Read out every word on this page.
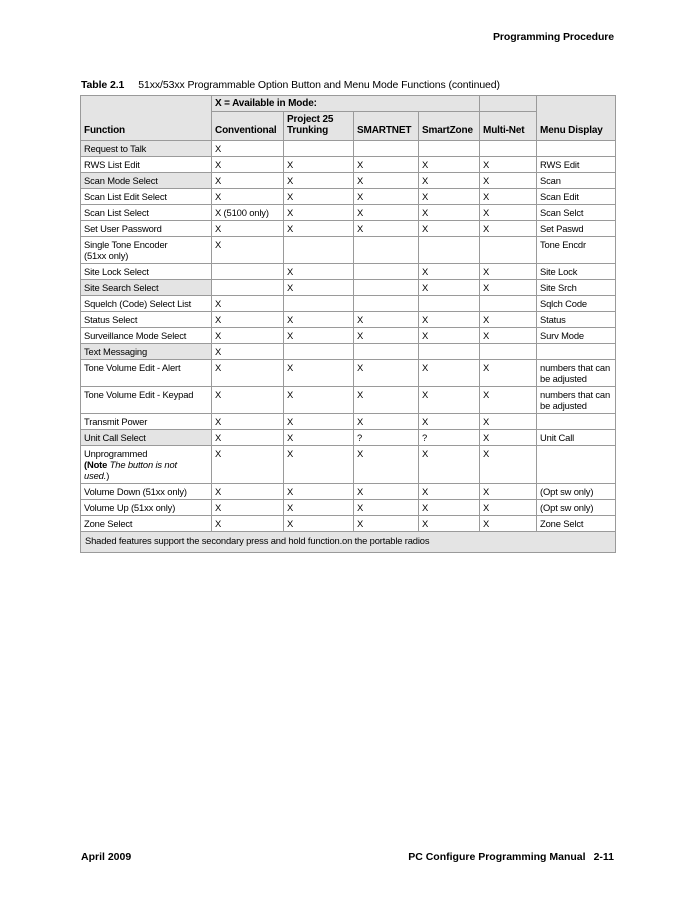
Programming Procedure
Table 2.1 51xx/53xx Programmable Option Button and Menu Mode Functions (continued)
Function	X = Available in Mode:					Menu Display
	Conventional	Project 25
Trunking	SMARTNET	SmartZone	Multi-Net	
Request to Talk	X					
RWS List Edit	X	X	X	X	X	RWS Edit
Scan Mode Select	X	X	X	X	X	Scan
Scan List Edit Select	X	X	X	X	X	Scan Edit
Scan List Select	X (5100 only)	X	X	X	X	Scan Selct
Set User Password	X	X	X	X	X	Set Paswd
Single Tone Encoder
(51xx only)	X					Tone Encdr
Site Lock Select		X		X	X	Site Lock
Site Search Select		X		X	X	Site Srch
Squelch (Code) Select List	X					Sqlch Code
Status Select	X	X	X	X	X	Status
Surveillance Mode Select	X	X	X	X	X	Surv Mode
Text Messaging	X					
Tone Volume Edit - Alert	X	X	X	X	X	numbers that can
be adjusted
Tone Volume Edit - Keypad	X	X	X	X	X	numbers that can
be adjusted
Transmit Power	X	X	X	X	X	
Unit Call Select	X	X	?	?	X	Unit Call
Unprogrammed
(Note The button is not
used.)	X	X	X	X	X	
Volume Down (51xx only)	X	X	X	X	X	(Opt sw only)
Volume Up (51xx only)	X	X	X	X	X	(Opt sw only)
Zone Select	X	X	X	X	X	Zone Selct
Shaded features support the secondary press and hold function.on the portable radios						
April 2009	PC Configure Programming Manual 2-11
